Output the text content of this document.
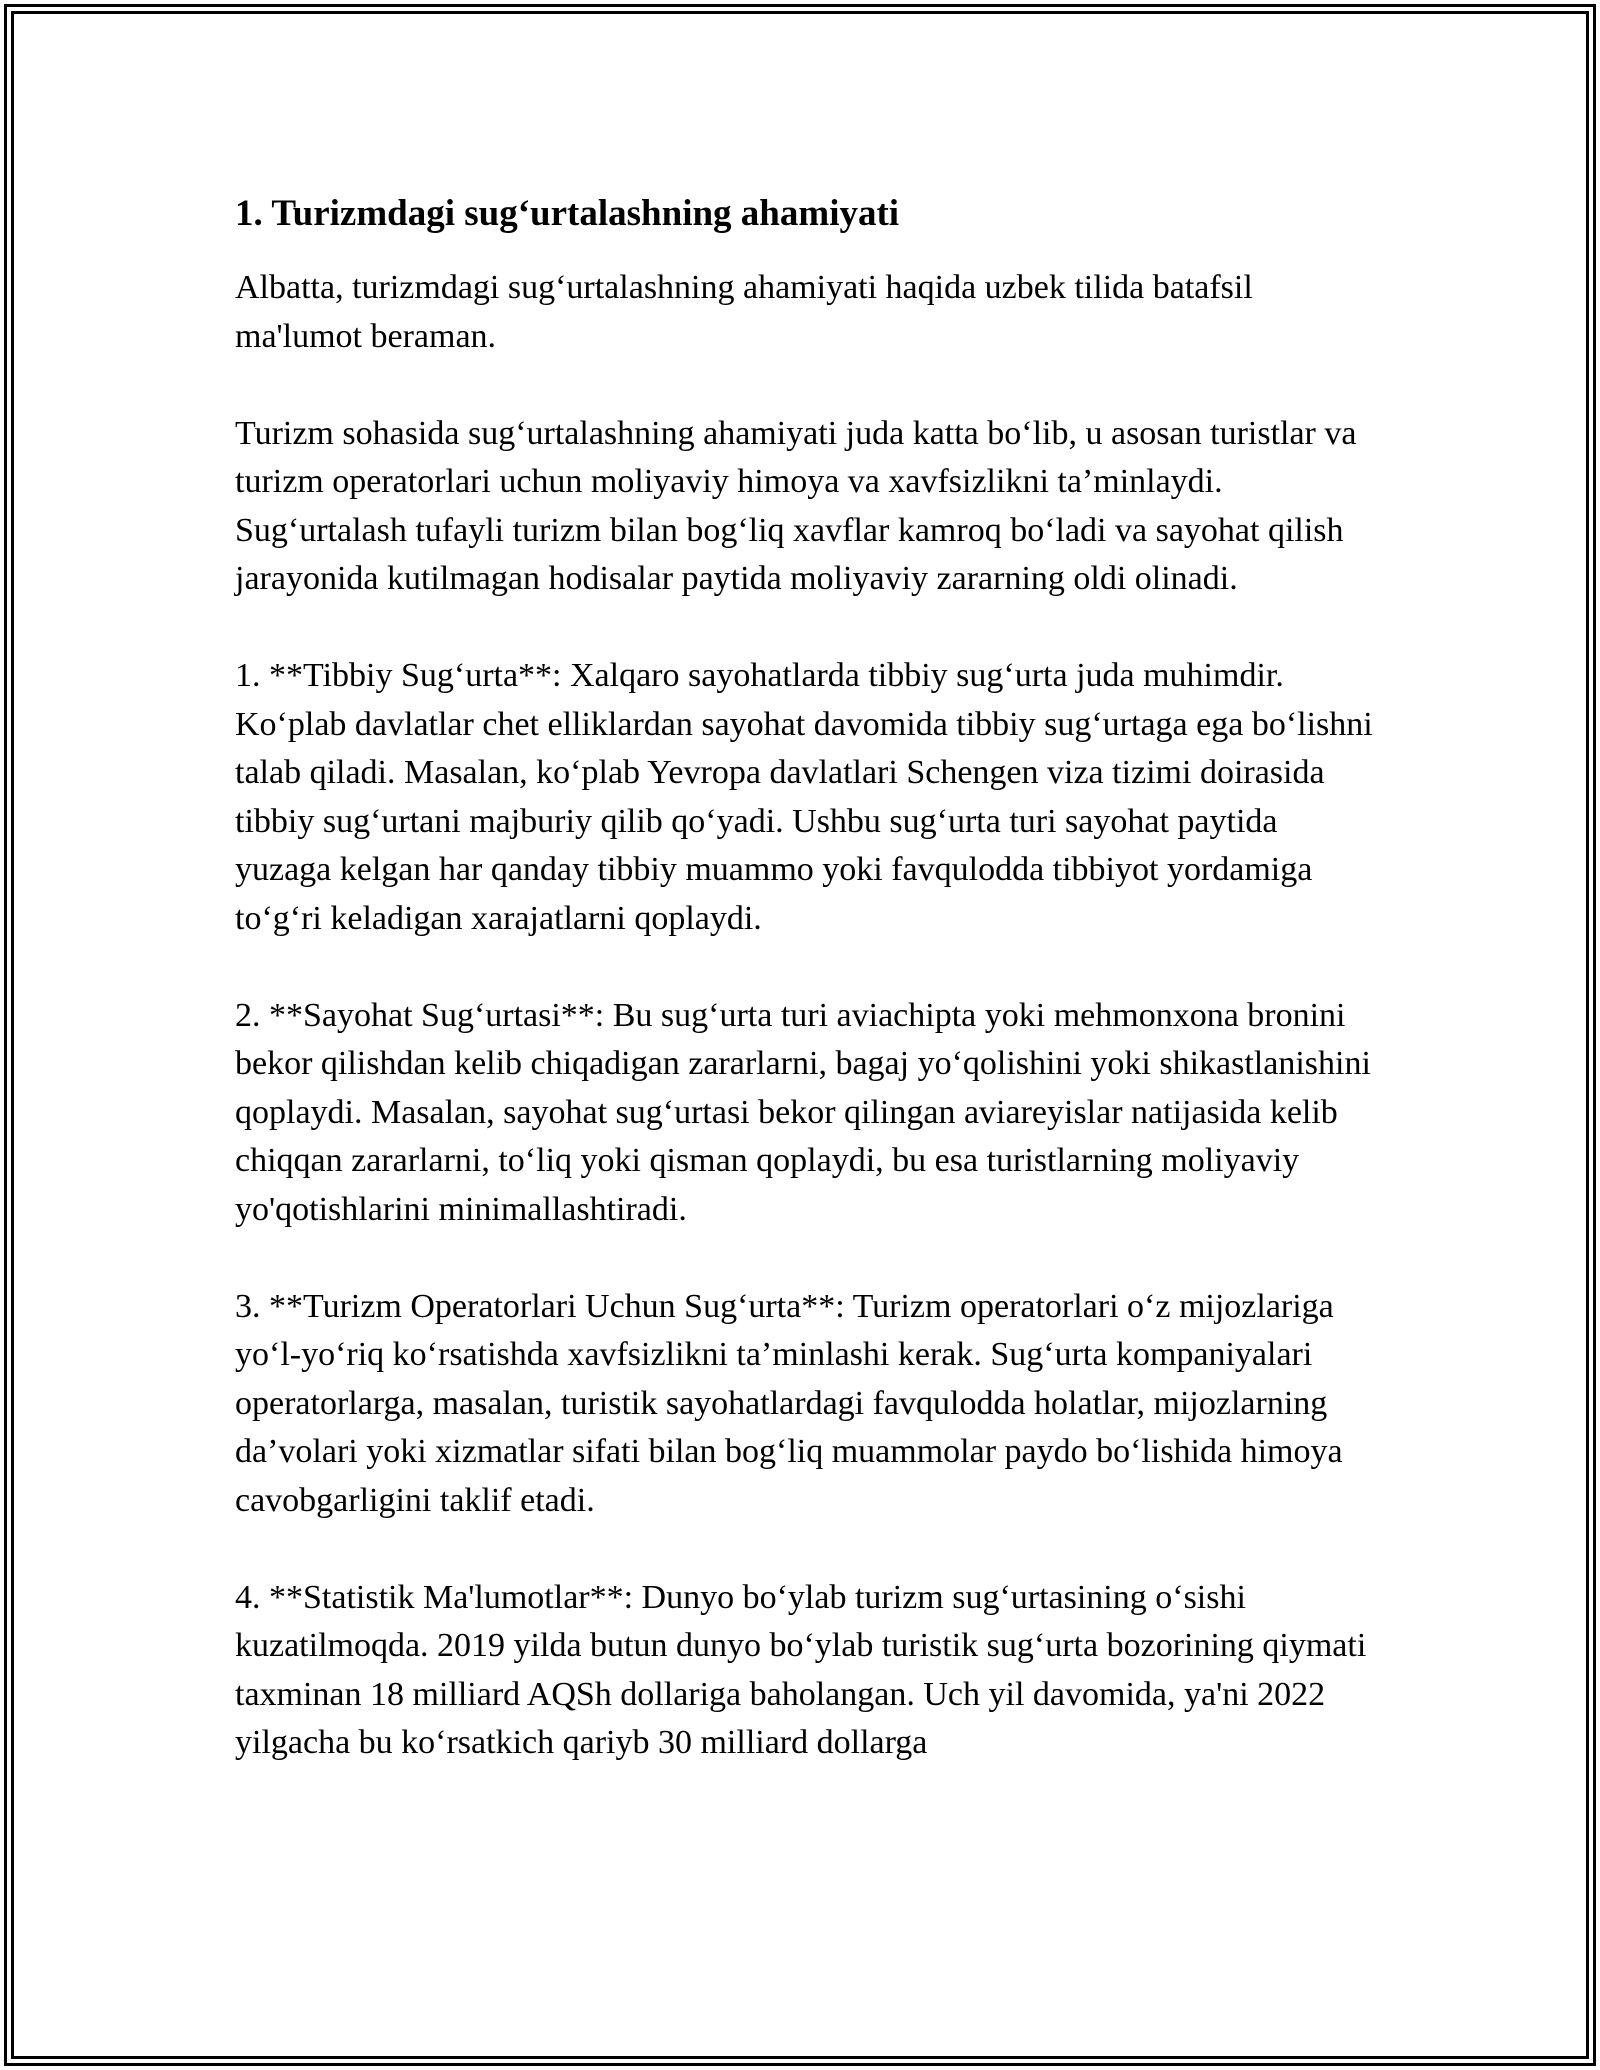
1. Turizmdagi sug‘urtalashning ahamiyati

Albatta, turizmdagi sug‘urtalashning ahamiyati haqida uzbek tilida batafsil ma'lumot beraman.

Turizm sohasida sug‘urtalashning ahamiyati juda katta bo‘lib, u asosan turistlar va turizm operatorlari uchun moliyaviy himoya va xavfsizlikni ta’minlaydi. Sug‘urtalash tufayli turizm bilan bog‘liq xavflar kamroq bo‘ladi va sayohat qilish jarayonida kutilmagan hodisalar paytida moliyaviy zararning oldi olinadi.

1. **Tibbiy Sug‘urta**: Xalqaro sayohatlarda tibbiy sug‘urta juda muhimdir. Ko‘plab davlatlar chet elliklardan sayohat davomida tibbiy sug‘urtaga ega bo‘lishni talab qiladi. Masalan, ko‘plab Yevropa davlatlari Schengen viza tizimi doirasida tibbiy sug‘urtani majburiy qilib qo‘yadi. Ushbu sug‘urta turi sayohat paytida yuzaga kelgan har qanday tibbiy muammo yoki favqulodda tibbiyot yordamiga to‘g‘ri keladigan xarajatlarni qoplaydi.

2. **Sayohat Sug‘urtasi**: Bu sug‘urta turi aviachipta yoki mehmonxona bronini bekor qilishdan kelib chiqadigan zararlarni, bagaj yo‘qolishini yoki shikastlanishini qoplaydi. Masalan, sayohat sug‘urtasi bekor qilingan aviareyislar natijasida kelib chiqqan zararlarni, to‘liq yoki qisman qoplaydi, bu esa turistlarning moliyaviy yo'qotishlarini minimallashtiradi.

3. **Turizm Operatorlari Uchun Sug‘urta**: Turizm operatorlari o‘z mijozlariga yo‘l-yo‘riq ko‘rsatishda xavfsizlikni ta’minlashi kerak. Sug‘urta kompaniyalari operatorlarga, masalan, turistik sayohatlardagi favqulodda holatlar, mijozlarning da’volari yoki xizmatlar sifati bilan bog‘liq muammolar paydo bo‘lishida himoya cavobgarligini taklif etadi.

4. **Statistik Ma'lumotlar**: Dunyo bo‘ylab turizm sug‘urtasining o‘sishi kuzatilmoqda. 2019 yilda butun dunyo bo‘ylab turistik sug‘urta bozorining qiymati taxminan 18 milliard AQSh dollariga baholangan. Uch yil davomida, ya'ni 2022 yilgacha bu ko‘rsatkich qariyb 30 milliard dollarga
